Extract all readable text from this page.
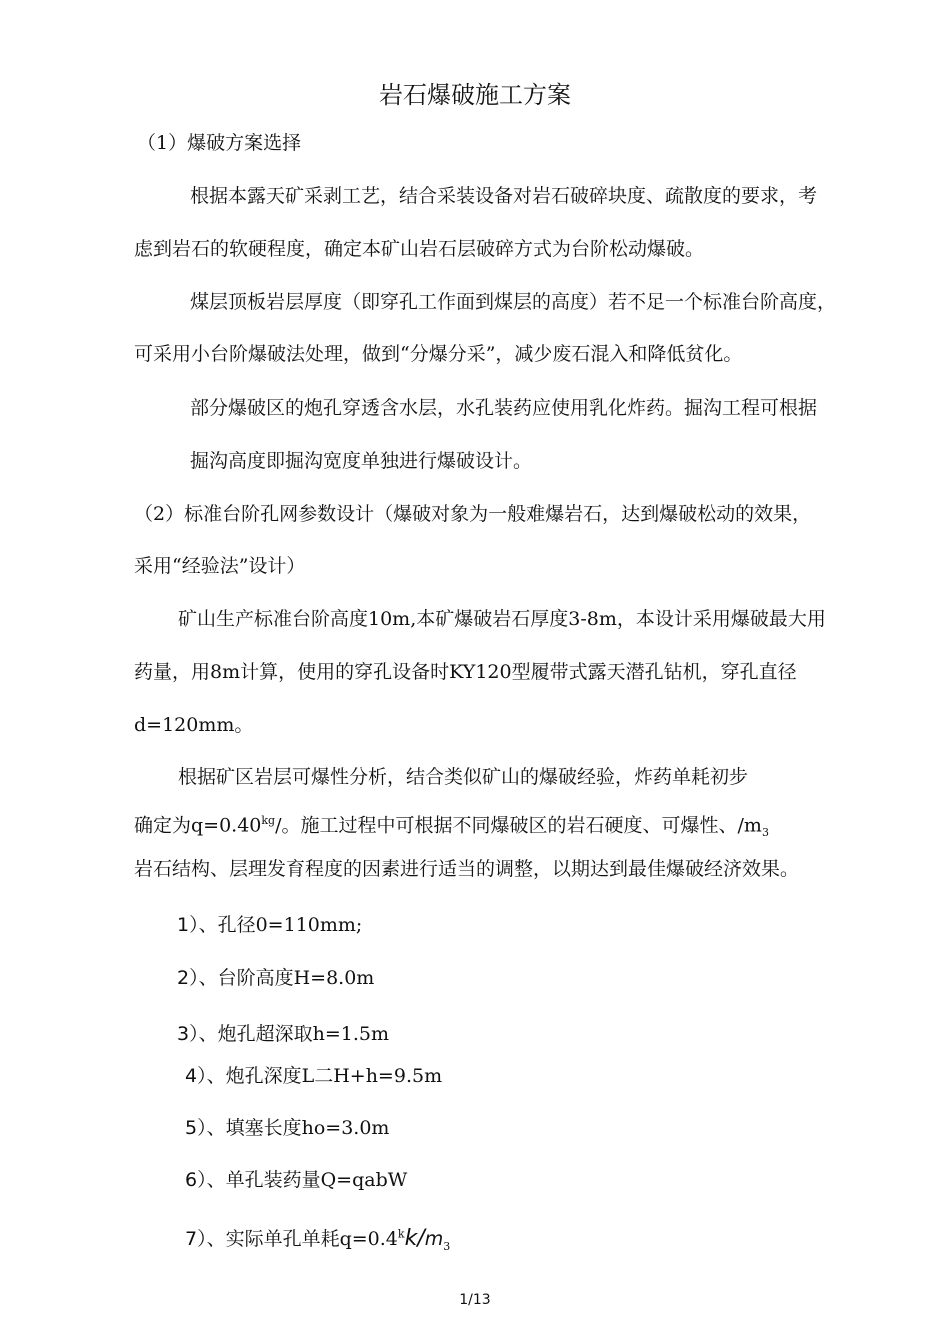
岩石爆破施工方案
（1）爆破方案选择
根据本露天矿采剥工艺，结合采装设备对岩石破碎块度、疏散度的要求，考
虑到岩石的软硬程度，确定本矿山岩石层破碎方式为台阶松动爆破。
煤层顶板岩层厚度（即穿孔工作面到煤层的高度）若不足一个标准台阶高度，
可采用小台阶爆破法处理，做到“分爆分采”，减少废石混入和降低贫化。
部分爆破区的炮孔穿透含水层，水孔装药应使用乳化炸药。掘沟工程可根据
掘沟高度即掘沟宽度单独进行爆破设计。
（2）标准台阶孔网参数设计（爆破对象为一般难爆岩石，达到爆破松动的效果，
采用“经验法”设计）
矿山生产标准台阶高度10m,本矿爆破岩石厚度3-8m，本设计采用爆破最大用
药量，用8m计算，使用的穿孔设备时KY120型履带式露天潜孔钻机，穿孔直径
d=120mm。
根据矿区岩层可爆性分析，结合类似矿山的爆破经验，炸药单耗初步
确定为$q=0.40^{kg}/$。施工过程中可根据不同爆破区的岩石硬度、可爆性、$/m_3$
岩石结构、层理发育程度的因素进行适当的调整，以期达到最佳爆破经济效果。
1）、孔径0=110mm;
2）、台阶高度H=8.0m
3）、炮孔超深取h=1.5m
4）、炮孔深度L二H+h=9.5m
5）、填塞长度ho=3.0m
6）、单孔装药量Q=qabW
7）、实际单孔单耗$q=0.4^kk/m_3$
1/13
